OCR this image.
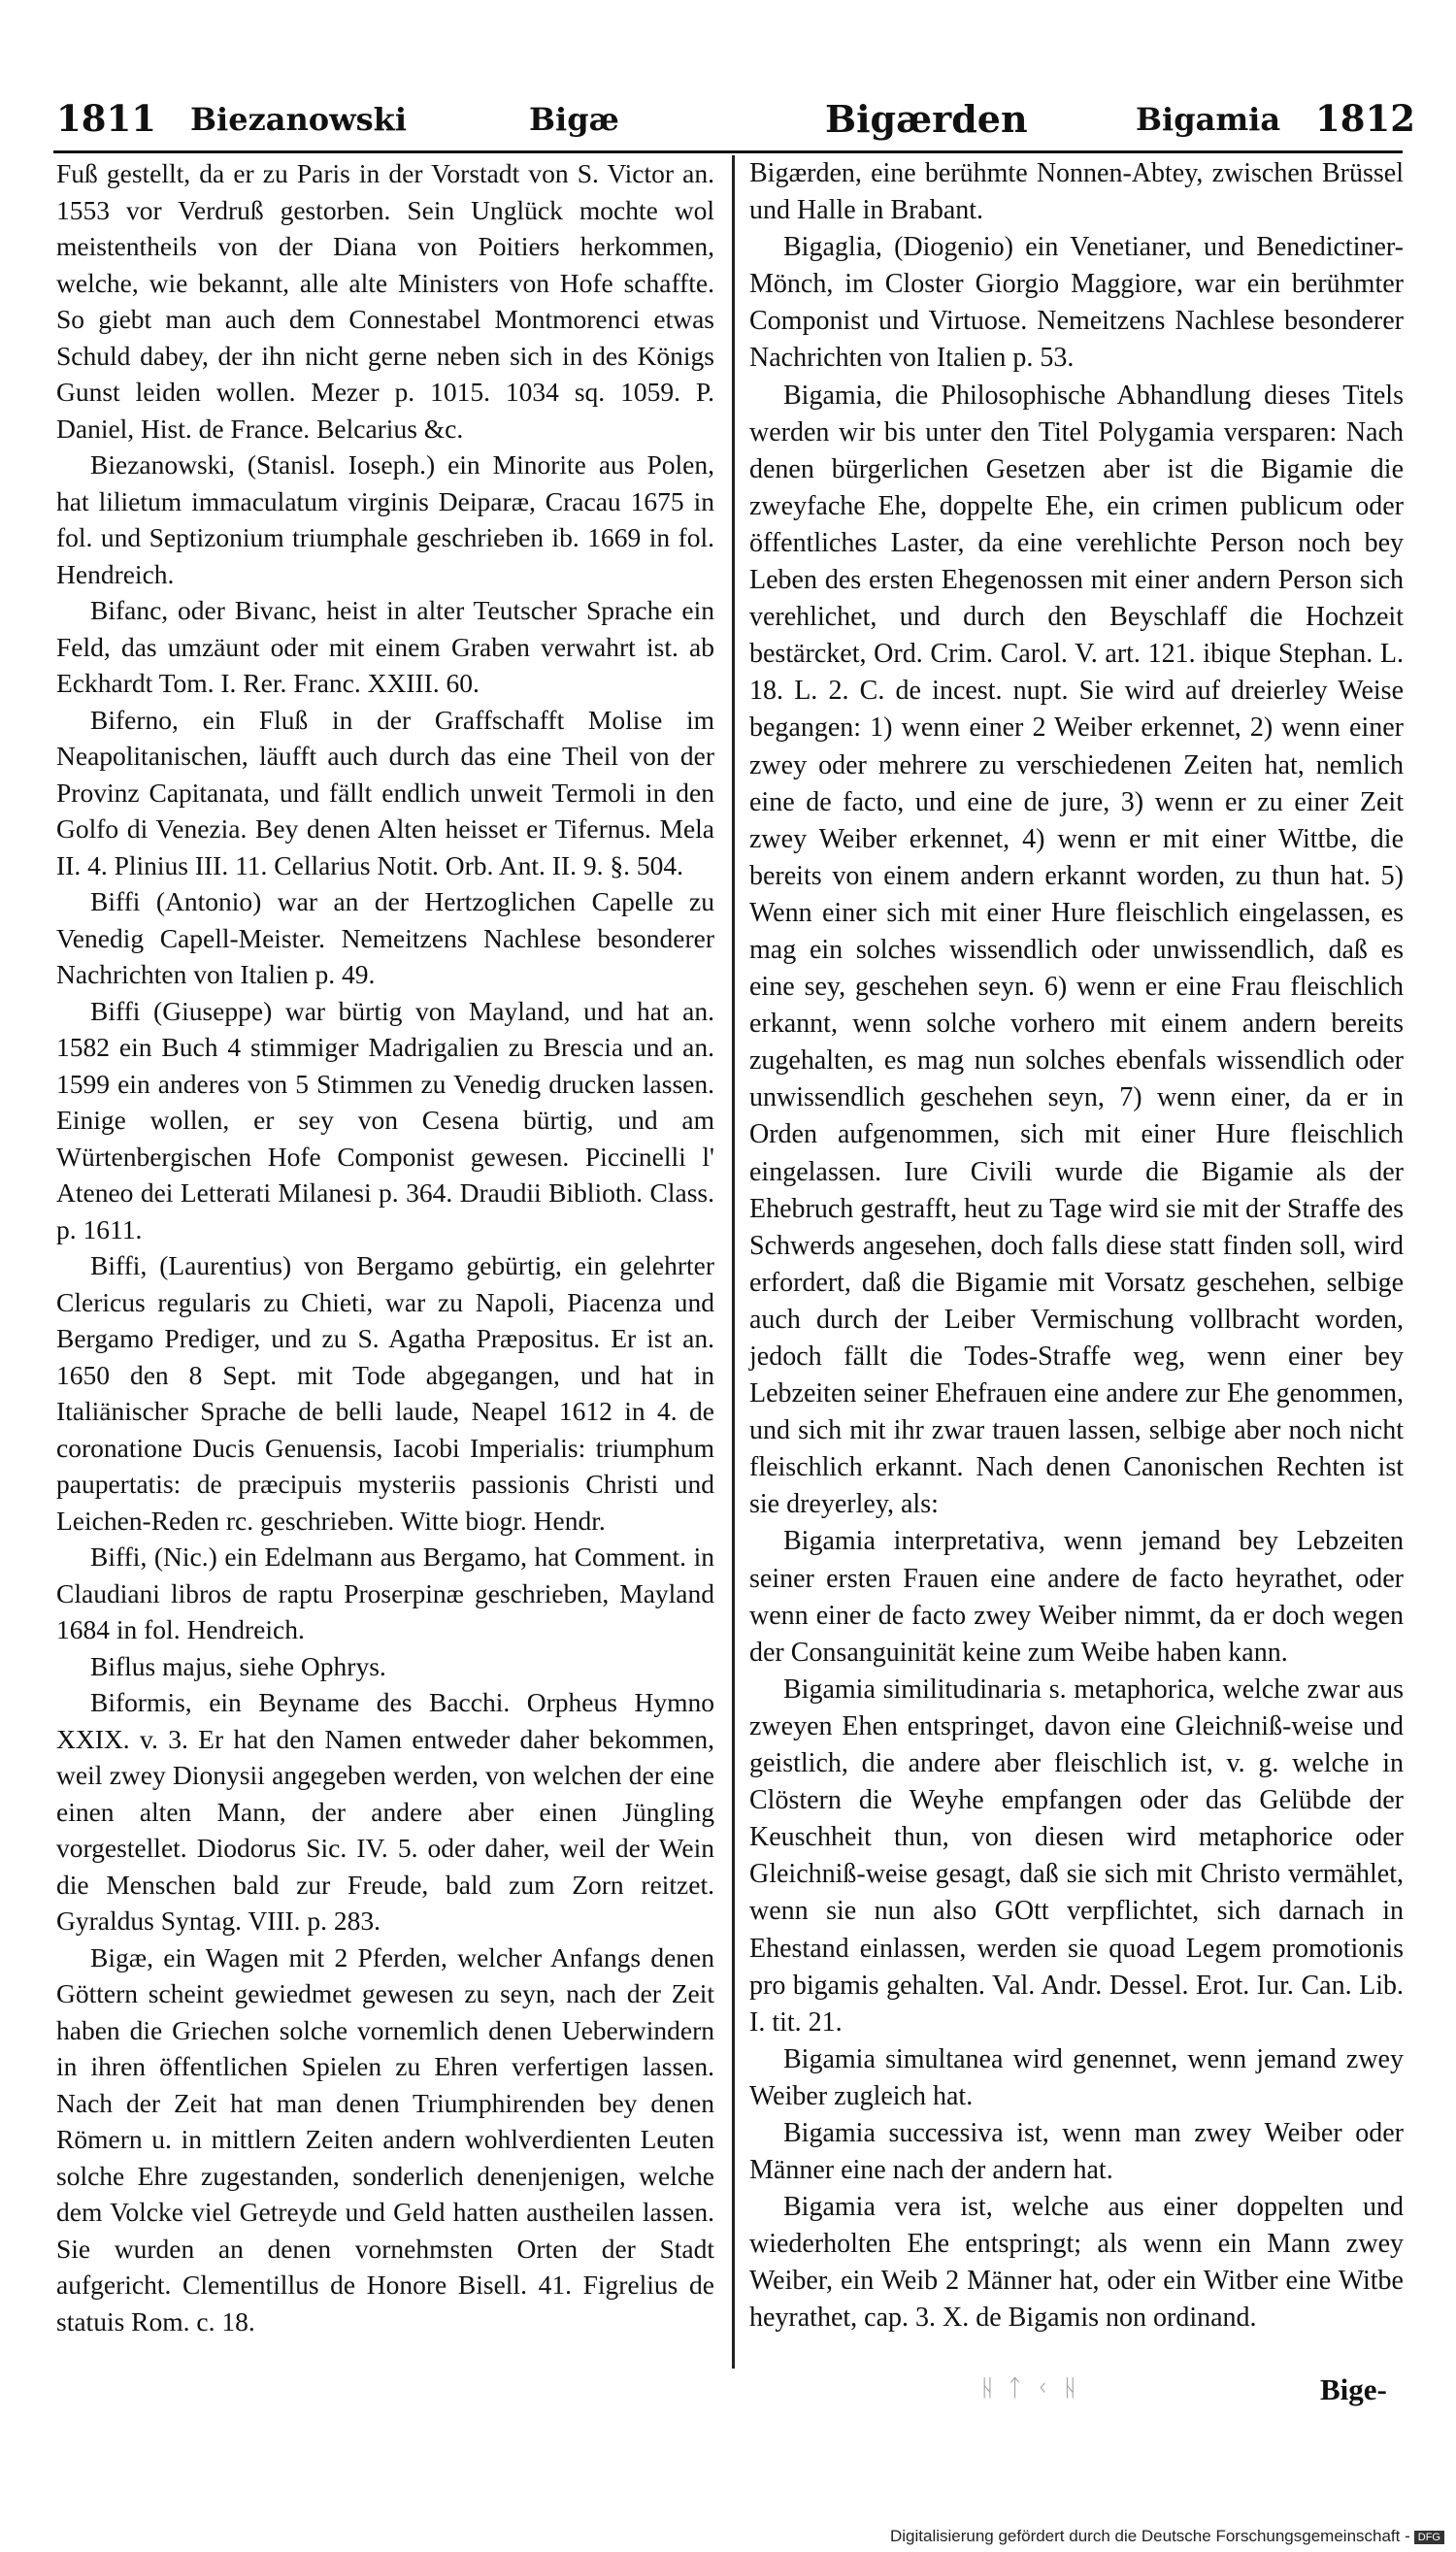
1811 Biezanowski	Bigæ	Bigærden	Bigamia 1812

Fuß gestellt, da er zu Paris in der Vorstadt von S. Victor an. 1553 vor Verdruß gestorben. Sein Unglück mochte wol meistentheils von der Diana von Poitiers herkommen, welche, wie bekannt, alle alte Ministers von Hofe schaffte. So giebt man auch dem Connestabel Montmorenci etwas Schuld dabey, der ihn nicht gerne neben sich in des Königs Gunst leiden wollen. Mezer p. 1015. 1034 sq. 1059. P. Daniel, Hist. de France. Belcarius &c.

Biezanowski, (Stanisl. Ioseph.) ein Minorite aus Polen, hat lilietum immaculatum virginis Deiparæ, Cracau 1675 in fol. und Septizonium triumphale geschrieben ib. 1669 in fol. Hendreich.

Bifanc, oder Bivanc, heist in alter Teutscher Sprache ein Feld, das umzäunt oder mit einem Graben verwahrt ist. ab Eckhardt Tom. I. Rer. Franc. XXIII. 60.

Biferno, ein Fluß in der Graffschafft Molise im Neapolitanischen, läufft auch durch das eine Theil von der Provinz Capitanata, und fällt endlich unweit Termoli in den Golfo di Venezia. Bey denen Alten heisset er Tifernus. Mela II. 4. Plinius III. 11. Cellarius Notit. Orb. Ant. II. 9. §. 504.

Biffi (Antonio) war an der Hertzoglichen Capelle zu Venedig Capell-Meister. Nemeitzens Nachlese besonderer Nachrichten von Italien p. 49.

Biffi (Giuseppe) war bürtig von Mayland, und hat an. 1582 ein Buch 4 stimmiger Madrigalien zu Brescia und an. 1599 ein anderes von 5 Stimmen zu Venedig drucken lassen. Einige wollen, er sey von Cesena bürtig, und am Würtenbergischen Hofe Componist gewesen. Piccinelli l' Ateneo dei Letterati Milanesi p. 364. Draudii Biblioth. Class. p. 1611.

Biffi, (Laurentius) von Bergamo gebürtig, ein gelehrter Clericus regularis zu Chieti, war zu Napoli, Piacenza und Bergamo Prediger, und zu S. Agatha Præpositus. Er ist an. 1650 den 8 Sept. mit Tode abgegangen, und hat in Italiänischer Sprache de belli laude, Neapel 1612 in 4. de coronatione Ducis Genuensis, Iacobi Imperialis: triumphum paupertatis: de præcipuis mysteriis passionis Christi und Leichen-Reden rc. geschrieben. Witte biogr. Hendr.

Biffi, (Nic.) ein Edelmann aus Bergamo, hat Comment. in Claudiani libros de raptu Proserpinæ geschrieben, Mayland 1684 in fol. Hendreich.

Biflus majus, siehe Ophrys.

Biformis, ein Beyname des Bacchi. Orpheus Hymno XXIX. v. 3. Er hat den Namen entweder daher bekommen, weil zwey Dionysii angegeben werden, von welchen der eine einen alten Mann, der andere aber einen Jüngling vorgestellet. Diodorus Sic. IV. 5. oder daher, weil der Wein die Menschen bald zur Freude, bald zum Zorn reitzet. Gyraldus Syntag. VIII. p. 283.

Bigæ, ein Wagen mit 2 Pferden, welcher Anfangs denen Göttern scheint gewiedmet gewesen zu seyn, nach der Zeit haben die Griechen solche vornemlich denen Ueberwindern in ihren öffentlichen Spielen zu Ehren verfertigen lassen. Nach der Zeit hat man denen Triumphirenden bey denen Römern u. in mittlern Zeiten andern wohlverdienten Leuten solche Ehre zugestanden, sonderlich denenjenigen, welche dem Volcke viel Getreyde und Geld hatten austheilen lassen. Sie wurden an denen vornehmsten Orten der Stadt aufgericht. Clementillus de Honore Bisell. 41. Figrelius de statuis Rom. c. 18.

Bigærden, eine berühmte Nonnen-Abtey, zwischen Brüssel und Halle in Brabant.

Bigaglia, (Diogenio) ein Venetianer, und Benedictiner-Mönch, im Closter Giorgio Maggiore, war ein berühmter Componist und Virtuose. Nemeitzens Nachlese besonderer Nachrichten von Italien p. 53.

Bigamia, die Philosophische Abhandlung dieses Titels werden wir bis unter den Titel Polygamia versparen: Nach denen bürgerlichen Gesetzen aber ist die Bigamie die zweyfache Ehe, doppelte Ehe, ein crimen publicum oder öffentliches Laster, da eine verehlichte Person noch bey Leben des ersten Ehegenossen mit einer andern Person sich verehlichet, und durch den Beyschlaff die Hochzeit bestärcket, Ord. Crim. Carol. V. art. 121. ibique Stephan. L. 18. L. 2. C. de incest. nupt. Sie wird auf dreierley Weise begangen: 1) wenn einer 2 Weiber erkennet, 2) wenn einer zwey oder mehrere zu verschiedenen Zeiten hat, nemlich eine de facto, und eine de jure, 3) wenn er zu einer Zeit zwey Weiber erkennet, 4) wenn er mit einer Wittbe, die bereits von einem andern erkannt worden, zu thun hat. 5) Wenn einer sich mit einer Hure fleischlich eingelassen, es mag ein solches wissendlich oder unwissendlich, daß es eine sey, geschehen seyn. 6) wenn er eine Frau fleischlich erkannt, wenn solche vorhero mit einem andern bereits zugehalten, es mag nun solches ebenfals wissendlich oder unwissendlich geschehen seyn, 7) wenn einer, da er in Orden aufgenommen, sich mit einer Hure fleischlich eingelassen. Iure Civili wurde die Bigamie als der Ehebruch gestrafft, heut zu Tage wird sie mit der Straffe des Schwerds angesehen, doch falls diese statt finden soll, wird erfordert, daß die Bigamie mit Vorsatz geschehen, selbige auch durch der Leiber Vermischung vollbracht worden, jedoch fällt die Todes-Straffe weg, wenn einer bey Lebzeiten seiner Ehefrauen eine andere zur Ehe genommen, und sich mit ihr zwar trauen lassen, selbige aber noch nicht fleischlich erkannt. Nach denen Canonischen Rechten ist sie dreyerley, als:

Bigamia interpretativa, wenn jemand bey Lebzeiten seiner ersten Frauen eine andere de facto heyrathet, oder wenn einer de facto zwey Weiber nimmt, da er doch wegen der Consanguinität keine zum Weibe haben kann.

Bigamia similitudinaria s. metaphorica, welche zwar aus zweyen Ehen entspringet, davon eine Gleichniß-weise und geistlich, die andere aber fleischlich ist, v. g. welche in Clöstern die Weyhe empfangen oder das Gelübde der Keuschheit thun, von diesen wird metaphorice oder Gleichniß-weise gesagt, daß sie sich mit Christo vermählet, wenn sie nun also GOtt verpflichtet, sich darnach in Ehestand einlassen, werden sie quoad Legem promotionis pro bigamis gehalten. Val. Andr. Dessel. Erot. Iur. Can. Lib. I. tit. 21.

Bigamia simultanea wird genennet, wenn jemand zwey Weiber zugleich hat.

Bigamia successiva ist, wenn man zwey Weiber oder Männer eine nach der andern hat.

Bigamia vera ist, welche aus einer doppelten und wiederholten Ehe entspringt; als wenn ein Mann zwey Weiber, ein Weib 2 Männer hat, oder ein Witber eine Witbe heyrathet, cap. 3. X. de Bigamis non ordinand.

ᚺ ᛏ ᚲ ᚺ	Bige-
Digitalisierung gefördert durch die Deutsche Forschungsgemeinschaft - DFG
